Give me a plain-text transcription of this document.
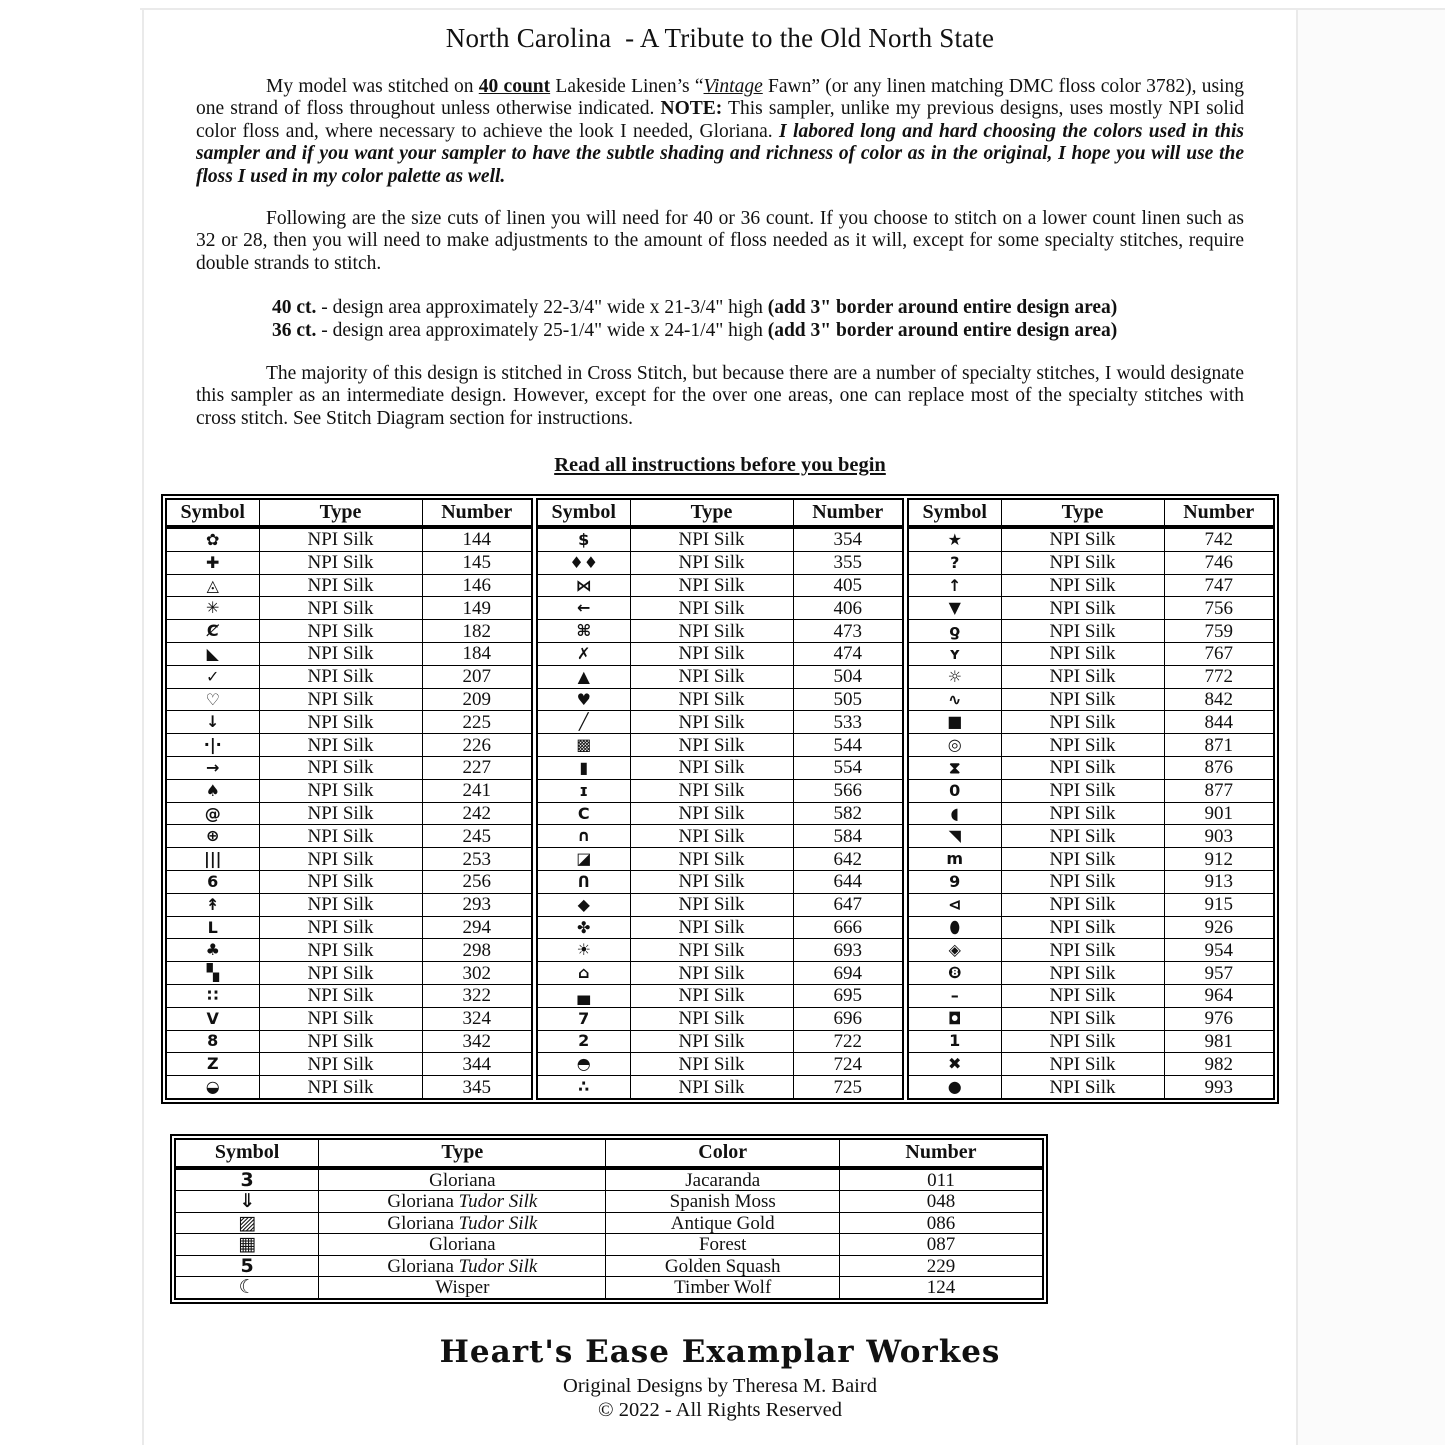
North Carolina  - A Tribute to the Old North State

My model was stitched on 40 count Lakeside Linen’s “Vintage Fawn” (or any linen matching DMC floss color 3782), using one strand of floss throughout unless otherwise indicated. NOTE: This sampler, unlike my previous designs, uses mostly NPI solid color floss and, where necessary to achieve the look I needed, Gloriana. I labored long and hard choosing the colors used in this sampler and if you want your sampler to have the subtle shading and richness of color as in the original, I hope you will use the floss I used in my color palette as well.

Following are the size cuts of linen you will need for 40 or 36 count. If you choose to stitch on a lower count linen such as 32 or 28, then you will need to make adjustments to the amount of floss needed as it will, except for some specialty stitches, require double strands to stitch.

40 ct. - design area approximately 22-3/4" wide x 21-3/4" high (add 3" border around entire design area)
36 ct. - design area approximately 25-1/4" wide x 24-1/4" high (add 3" border around entire design area)

The majority of this design is stitched in Cross Stitch, but because there are a number of specialty stitches, I would designate this sampler as an intermediate design. However, except for the over one areas, one can replace most of the specialty stitches with cross stitch. See Stitch Diagram section for instructions.

Read all instructions before you begin
Symbol	Type	Number
✿	NPI Silk	144
✚	NPI Silk	145
◬	NPI Silk	146
✳	NPI Silk	149
Ȼ	NPI Silk	182
◣	NPI Silk	184
✓	NPI Silk	207
♡	NPI Silk	209
↓	NPI Silk	225
·|·	NPI Silk	226
→	NPI Silk	227
♠	NPI Silk	241
@	NPI Silk	242
⊕	NPI Silk	245
|||	NPI Silk	253
6	NPI Silk	256
↟	NPI Silk	293
L	NPI Silk	294
♣	NPI Silk	298
▚	NPI Silk	302
∷	NPI Silk	322
V	NPI Silk	324
8	NPI Silk	342
Z	NPI Silk	344
◒	NPI Silk	345
Symbol	Type	Number
$	NPI Silk	354
♦♦	NPI Silk	355
⋈	NPI Silk	405
←	NPI Silk	406
⌘	NPI Silk	473
✗	NPI Silk	474
▲	NPI Silk	504
♥	NPI Silk	505
╱	NPI Silk	533
▩	NPI Silk	544
▮	NPI Silk	554
ɪ	NPI Silk	566
C	NPI Silk	582
∩	NPI Silk	584
◪	NPI Silk	642
Ո	NPI Silk	644
◆	NPI Silk	647
✤	NPI Silk	666
☀	NPI Silk	693
⌂	NPI Silk	694
▄	NPI Silk	695
7	NPI Silk	696
2	NPI Silk	722
◓	NPI Silk	724
∴	NPI Silk	725
Symbol	Type	Number
★	NPI Silk	742
?	NPI Silk	746
↑	NPI Silk	747
▼	NPI Silk	756
ƍ	NPI Silk	759
ʏ	NPI Silk	767
☼	NPI Silk	772
∿	NPI Silk	842
■	NPI Silk	844
◎	NPI Silk	871
⧗	NPI Silk	876
0	NPI Silk	877
◖	NPI Silk	901
◥	NPI Silk	903
m	NPI Silk	912
9	NPI Silk	913
⊲	NPI Silk	915
⬮	NPI Silk	926
◈	NPI Silk	954
❽	NPI Silk	957
–	NPI Silk	964
◘	NPI Silk	976
1	NPI Silk	981
✖	NPI Silk	982
●	NPI Silk	993
Symbol	Type	Color	Number
3	Gloriana	Jacaranda	011
⇓	Gloriana Tudor Silk	Spanish Moss	048
▨	Gloriana Tudor Silk	Antique Gold	086
▦	Gloriana	Forest	087
5	Gloriana Tudor Silk	Golden Squash	229
☾	Wisper	Timber Wolf	124
Heart's Ease Examplar Workes
Original Designs by Theresa M. Baird
© 2022 - All Rights Reserved
